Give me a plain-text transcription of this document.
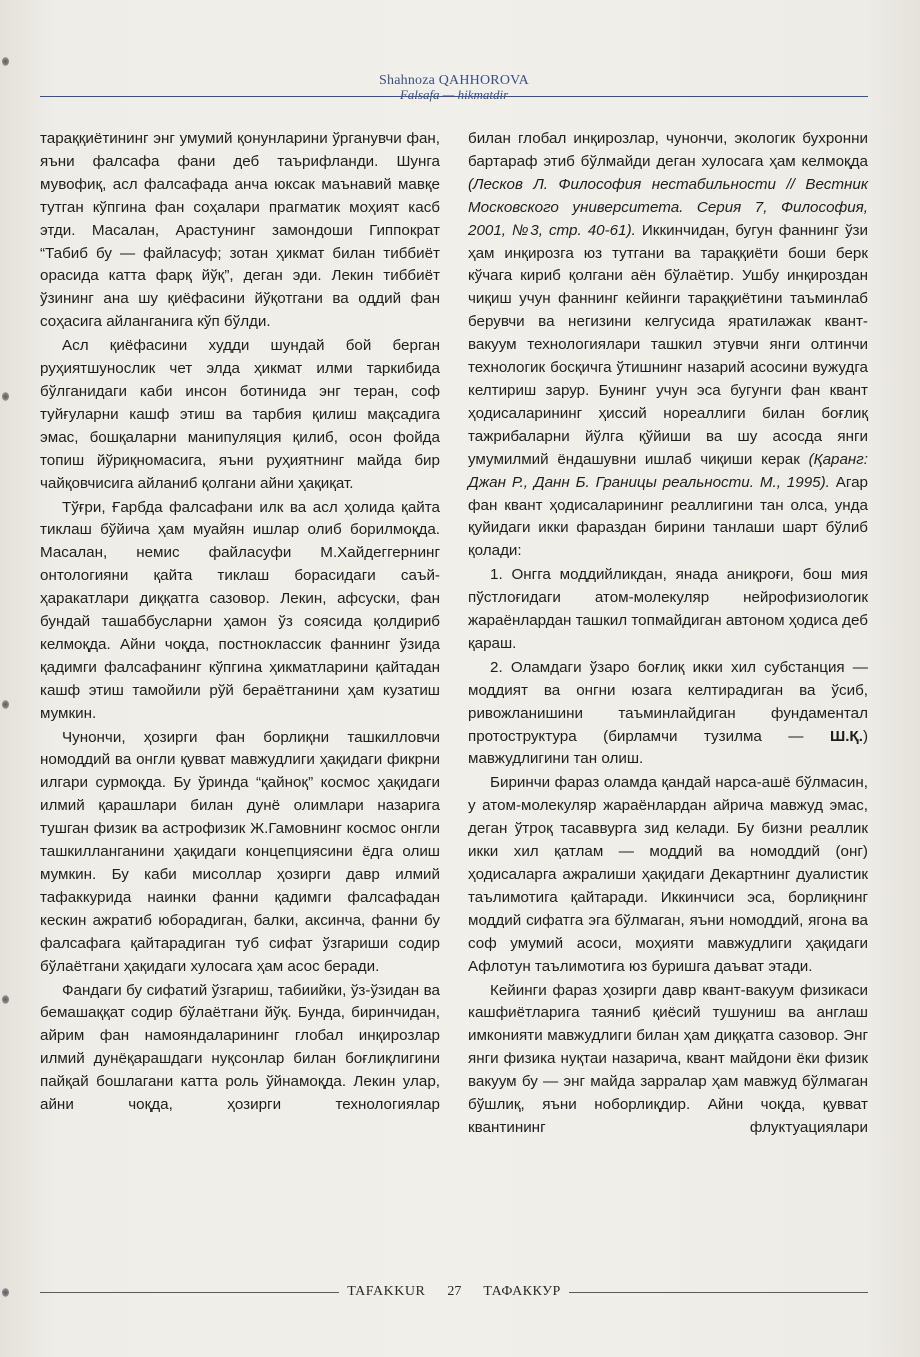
Shahnoza QAHHOROVA
Falsafa — hikmatdir

тараққиётининг энг умумий қонунларини ўрганувчи фан, яъни фалсафа фани деб таърифланди. Шунга мувофиқ, асл фалсафада анча юксак маънавий мавқе тутган кўпгина фан соҳалари прагматик моҳият касб этди. Масалан, Арастунинг замондоши Гиппократ “Табиб бу — файласуф; зотан ҳикмат билан тиббиёт орасида катта фарқ йўқ”, деган эди. Лекин тиббиёт ўзининг ана шу қиёфасини йўқотгани ва оддий фан соҳасига айланганига кўп бўлди.

Асл қиёфасини худди шундай бой берган руҳиятшунослик чет элда ҳикмат илми таркибида бўлганидаги каби инсон ботинида энг теран, соф туйғуларни кашф этиш ва тарбия қилиш мақсадига эмас, бошқаларни манипуляция қилиб, осон фойда топиш йўриқномасига, яъни руҳиятнинг майда бир чайқовчисига айланиб қолгани айни ҳақиқат.

Тўғри, Ғарбда фалсафани илк ва асл ҳолида қайта тиклаш бўйича ҳам муайян ишлар олиб борилмоқда. Масалан, немис файласуфи М.Хайдеггернинг онтологияни қайта тиклаш борасидаги саъй-ҳаракатлари диққатга сазовор. Лекин, афсуски, фан бундай ташаббусларни ҳамон ўз соясида қолдириб келмоқда. Айни чоқда, постноклассик фаннинг ўзида қадимги фалсафанинг кўпгина ҳикматларини қайтадан кашф этиш тамойили рўй бераётганини ҳам кузатиш мумкин.

Чунончи, ҳозирги фан борлиқни ташкилловчи номоддий ва онгли қувват мавжудлиги ҳақидаги фикрни илгари сурмоқда. Бу ўринда “қайноқ” космос ҳақидаги илмий қарашлари билан дунё олимлари назарига тушган физик ва астрофизик Ж.Гамовнинг космос онгли ташкилланганини ҳақидаги концепциясини ёдга олиш мумкин. Бу каби мисоллар ҳозирги давр илмий тафаккурида наинки фанни қадимги фалсафадан кескин ажратиб юборадиган, балки, аксинча, фанни бу фалсафага қайтарадиган туб сифат ўзгариши содир бўлаётгани ҳақидаги хулосага ҳам асос беради.

Фандаги бу сифатий ўзгариш, табиийки, ўз-ўзидан ва бемашаққат содир бўлаётгани йўқ. Бунда, биринчидан, айрим фан намояндаларининг глобал инқирозлар илмий дунёқарашдаги нуқсонлар билан боғлиқлигини пайқай бошлагани катта роль ўйнамоқда. Лекин улар, айни чоқда, ҳозирги технологиялар

билан глобал инқирозлар, чунончи, экологик бухронни бартараф этиб бўлмайди деган хулосага ҳам келмоқда (Лесков Л. Философия нестабильности // Вестник Московского университета. Серия 7, Философия, 2001, №3, стр. 40-61). Иккинчидан, бугун фаннинг ўзи ҳам инқирозга юз тутгани ва тараққиёти боши берк кўчага кириб қолгани аён бўлаётир. Ушбу инқироздан чиқиш учун фаннинг кейинги тараққиётини таъминлаб берувчи ва негизини келгусида яратилажак квант-вакуум технологиялари ташкил этувчи янги олтинчи технологик босқичга ўтишнинг назарий асосини вужудга келтириш зарур. Бунинг учун эса бугунги фан квант ҳодисаларининг ҳиссий нореаллиги билан боғлиқ тажрибаларни йўлга қўйиши ва шу асосда янги умумилмий ёндашувни ишлаб чиқиши керак (Қаранг: Джан Р., Данн Б. Границы реальности. М., 1995). Агар фан квант ҳодисаларининг реаллигини тан олса, унда қуйидаги икки фараздан бирини танлаши шарт бўлиб қолади:

1. Онгга моддийликдан, янада аниқроғи, бош мия пўстлоғидаги атом-молекуляр нейрофизиологик жараёнлардан ташкил топмайдиган автоном ҳодиса деб қараш.

2. Оламдаги ўзаро боғлиқ икки хил субстанция — моддият ва онгни юзага келтирадиган ва ўсиб, ривожланишини таъминлайдиган фундаментал протоструктура (бирламчи тузилма — Ш.Қ.) мавжудлигини тан олиш.

Биринчи фараз оламда қандай нарса-ашё бўлмасин, у атом-молекуляр жараёнлардан айрича мавжуд эмас, деган ўтроқ тасаввурга зид келади. Бу бизни реаллик икки хил қатлам — моддий ва номоддий (онг) ҳодисаларга ажралиши ҳақидаги Декартнинг дуалистик таълимотига қайтаради. Иккинчиси эса, борлиқнинг моддий сифатга эга бўлмаган, яъни номоддий, ягона ва соф умумий асоси, моҳияти мавжудлиги ҳақидаги Афлотун таълимотига юз буришга даъват этади.

Кейинги фараз ҳозирги давр квант-вакуум физикаси кашфиётларига таяниб қиёсий тушуниш ва англаш имконияти мавжудлиги билан ҳам диққатга сазовор. Энг янги физика нуқтаи назарича, квант майдони ёки физик вакуум бу — энг майда зарралар ҳам мавжуд бўлмаган бўшлиқ, яъни ноборлиқдир. Айни чоқда, қувват квантининг флуктуациялари

TAFAKKUR	27	ТАФАККУР
